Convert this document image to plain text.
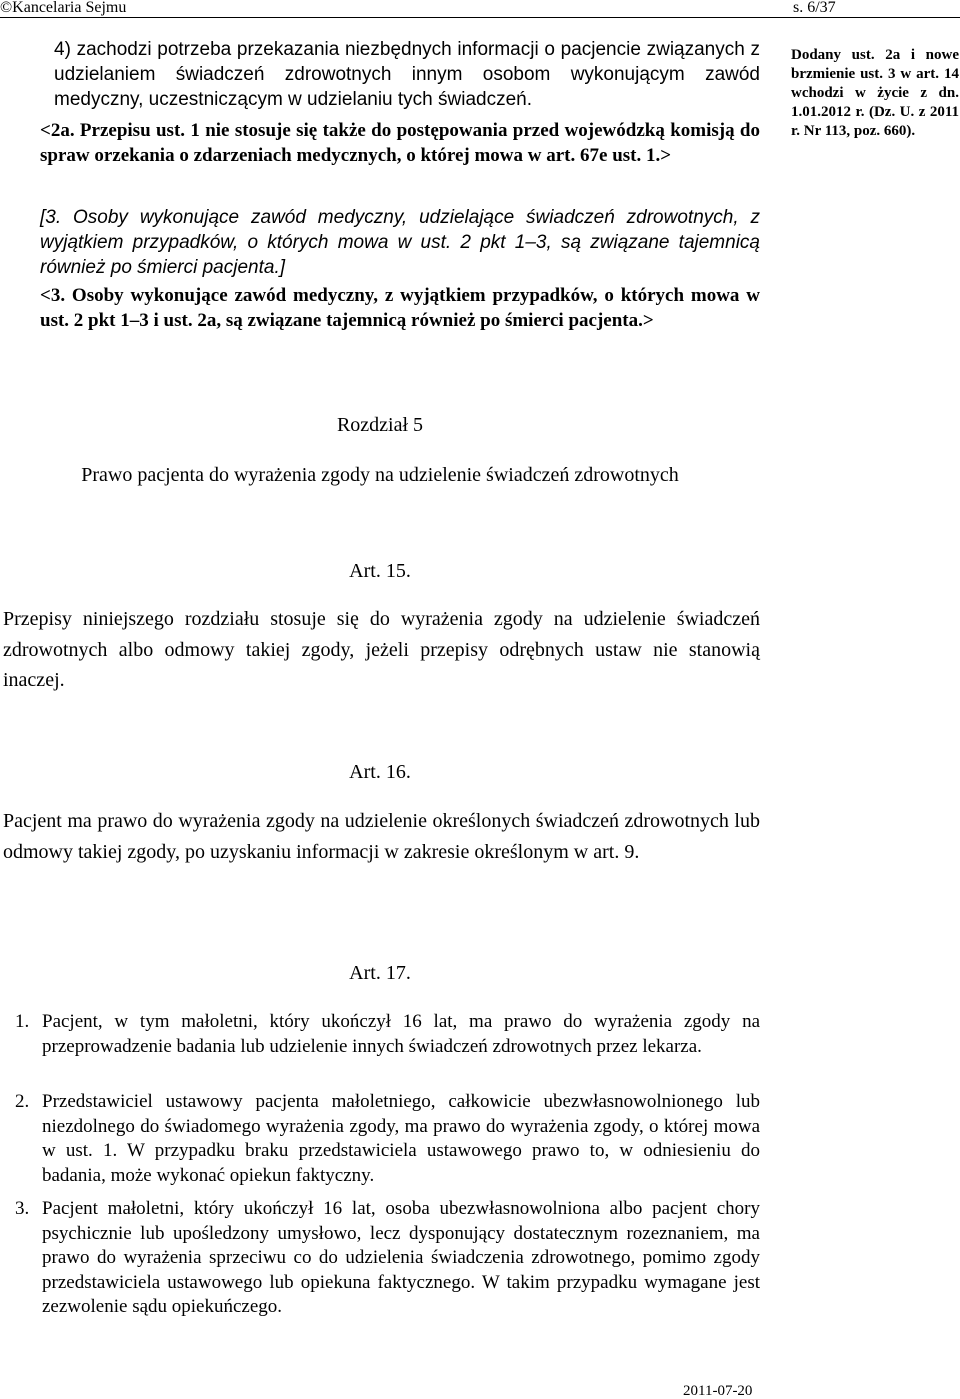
©Kancelaria Sejmu	s. 6/37
4) zachodzi potrzeba przekazania niezbędnych informacji o pacjencie związanych z udzielaniem świadczeń zdrowotnych innym osobom wykonującym zawód medyczny, uczestniczącym w udzielaniu tych świadczeń.
<2a. Przepisu ust. 1 nie stosuje się także do postępowania przed wojewódzką komisją do spraw orzekania o zdarzeniach medycznych, o której mowa w art. 67e ust. 1.>
[3. Osoby wykonujące zawód medyczny, udzielające świadczeń zdrowotnych, z wyjątkiem przypadków, o których mowa w ust. 2 pkt 1–3, są związane tajemnicą również po śmierci pacjenta.]
<3. Osoby wykonujące zawód medyczny, z wyjątkiem przypadków, o których mowa w ust. 2 pkt 1–3 i ust. 2a, są związane tajemnicą również po śmierci pacjenta.>
Dodany ust. 2a i nowe brzmienie ust. 3 w art. 14 wchodzi w życie z dn. 1.01.2012 r. (Dz. U. z 2011 r. Nr 113, poz. 660).
Rozdział 5
Prawo pacjenta do wyrażenia zgody na udzielenie świadczeń zdrowotnych
Art. 15.
Przepisy niniejszego rozdziału stosuje się do wyrażenia zgody na udzielenie świadczeń zdrowotnych albo odmowy takiej zgody, jeżeli przepisy odrębnych ustaw nie stanowią inaczej.
Art. 16.
Pacjent ma prawo do wyrażenia zgody na udzielenie określonych świadczeń zdrowotnych lub odmowy takiej zgody, po uzyskaniu informacji w zakresie określonym w art. 9.
Art. 17.
1. Pacjent, w tym małoletni, który ukończył 16 lat, ma prawo do wyrażenia zgody na przeprowadzenie badania lub udzielenie innych świadczeń zdrowotnych przez lekarza.
2. Przedstawiciel ustawowy pacjenta małoletniego, całkowicie ubezwłasnowolnionego lub niezdolnego do świadomego wyrażenia zgody, ma prawo do wyrażenia zgody, o której mowa w ust. 1. W przypadku braku przedstawiciela ustawowego prawo to, w odniesieniu do badania, może wykonać opiekun faktyczny.
3. Pacjent małoletni, który ukończył 16 lat, osoba ubezwłasnowolniona albo pacjent chory psychicznie lub upośledzony umysłowo, lecz dysponujący dostatecznym rozeznaniem, ma prawo do wyrażenia sprzeciwu co do udzielenia świadczenia zdrowotnego, pomimo zgody przedstawiciela ustawowego lub opiekuna faktycznego. W takim przypadku wymagane jest zezwolenie sądu opiekuńczego.
2011-07-20
